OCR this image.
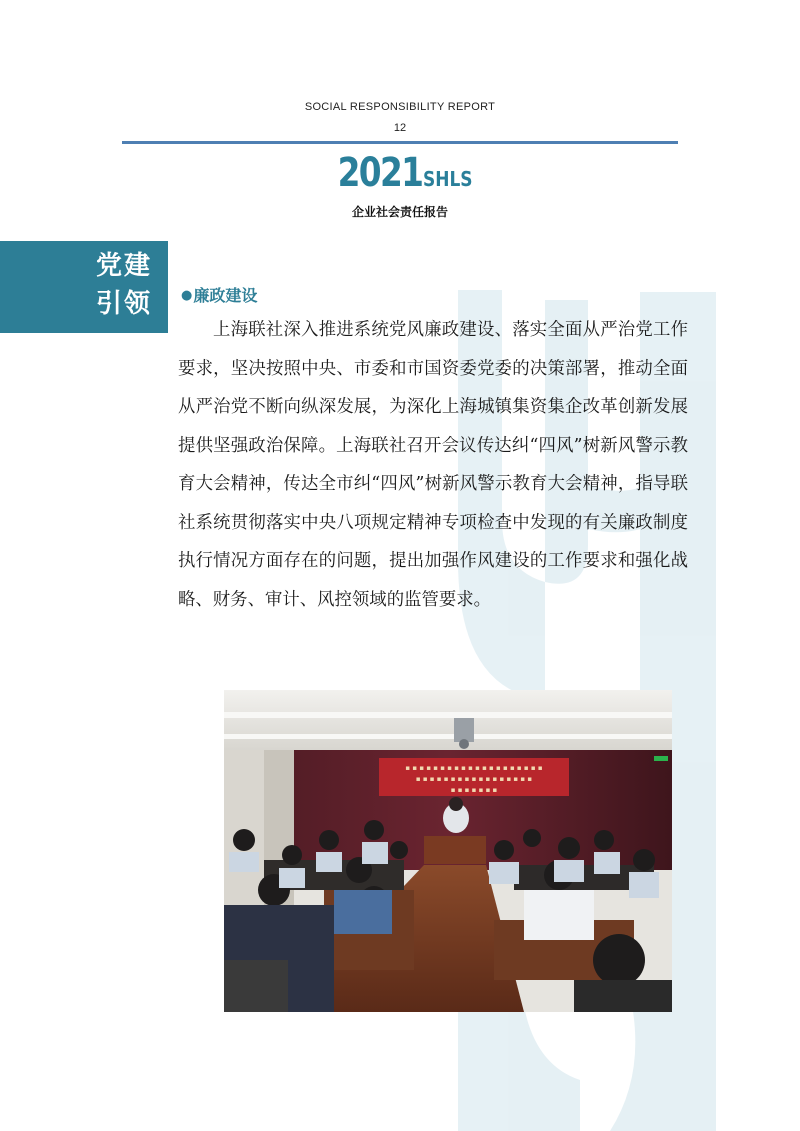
SOCIAL RESPONSIBILITY REPORT
12
2021SHLS
企业社会责任报告
党建
引领	●廉政建设
上海联社深入推进系统党风廉政建设、落实全面从严治党工作要求，坚决按照中央、市委和市国资委党委的决策部署，推动全面从严治党不断向纵深发展，为深化上海城镇集资集企改革创新发展提供坚强政治保障。上海联社召开会议传达纠“四风”树新风警示教育大会精神，传达全市纠“四风”树新风警示教育大会精神，指导联社系统贯彻落实中央八项规定精神专项检查中发现的有关廉政制度执行情况方面存在的问题，提出加强作风建设的工作要求和强化战略、财务、审计、风控领域的监管要求。
▪ ▪ ▪ ▪ ▪ ▪ ▪ ▪ ▪ ▪ ▪ ▪ ▪ ▪ ▪ ▪ ▪ ▪ ▪ ▪
▪ ▪ ▪ ▪ ▪ ▪ ▪ ▪ ▪ ▪ ▪ ▪ ▪ ▪ ▪ ▪ ▪
▪ ▪ ▪ ▪ ▪ ▪ ▪
